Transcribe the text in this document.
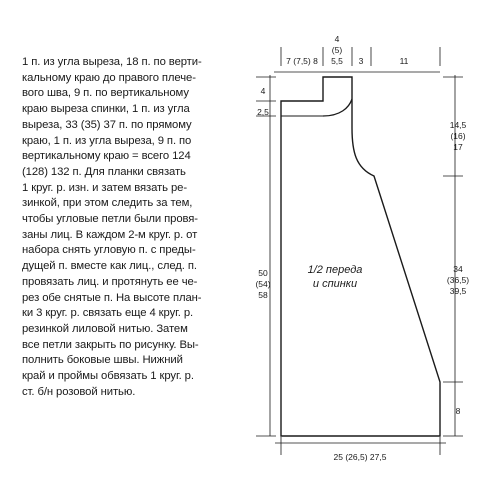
1 п. из угла выреза, 18 п. по верти-
кальному краю до правого плече-
вого шва, 9 п. по вертикальному
краю выреза спинки, 1 п. из угла
выреза, 33 (35) 37 п. по прямому
краю, 1 п. из угла выреза, 9 п. по
вертикальному краю = всего 124
(128) 132 п. Для планки связать
1 круг. р. изн. и затем вязать ре-
зинкой, при этом следить за тем,
чтобы угловые петли были провя-
заны лиц. В каждом 2-м круг. р. от
набора снять угловую п. с преды-
дущей п. вместе как лиц., след. п.
провязать лиц. и протянуть ее че-
рез обе снятые п. На высоте план-
ки 3 круг. р. связать еще 4 круг. р.
резинкой лиловой нитью. Затем
все петли закрыть по рисунку. Вы-
полнить боковые швы. Нижний
край и проймы обвязать 1 круг. р.
ст. б/н розовой нитью.

7 (7,5) 8
4
(5)
5,5 3	11
4
2,5
50
(54)
58
14,5
(16)
17
34
(36,5)
39,5
8
25 (26,5) 27,5
1/2 переда
и спинки
